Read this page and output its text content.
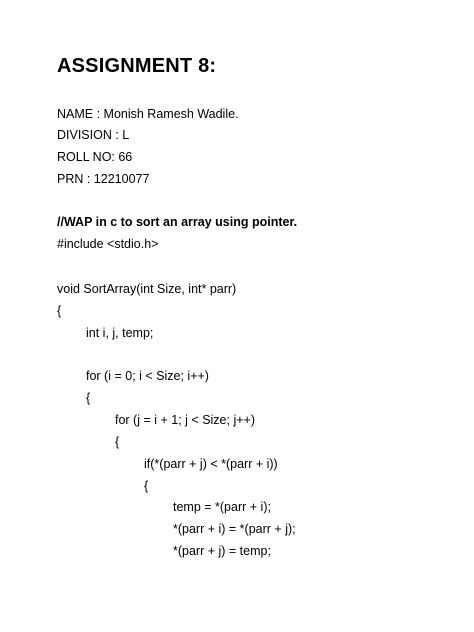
ASSIGNMENT 8:
NAME : Monish Ramesh Wadile.
DIVISION : L
ROLL NO: 66
PRN : 12210077
//WAP in c to sort an array using pointer.
#include <stdio.h>
void SortArray(int Size, int* parr)
{
int i, j, temp;
for (i = 0; i < Size; i++)
{
for (j = i + 1; j < Size; j++)
{
if(*(parr + j) < *(parr + i))
{
temp = *(parr + i);
*(parr + i) = *(parr + j);
*(parr + j) = temp;
